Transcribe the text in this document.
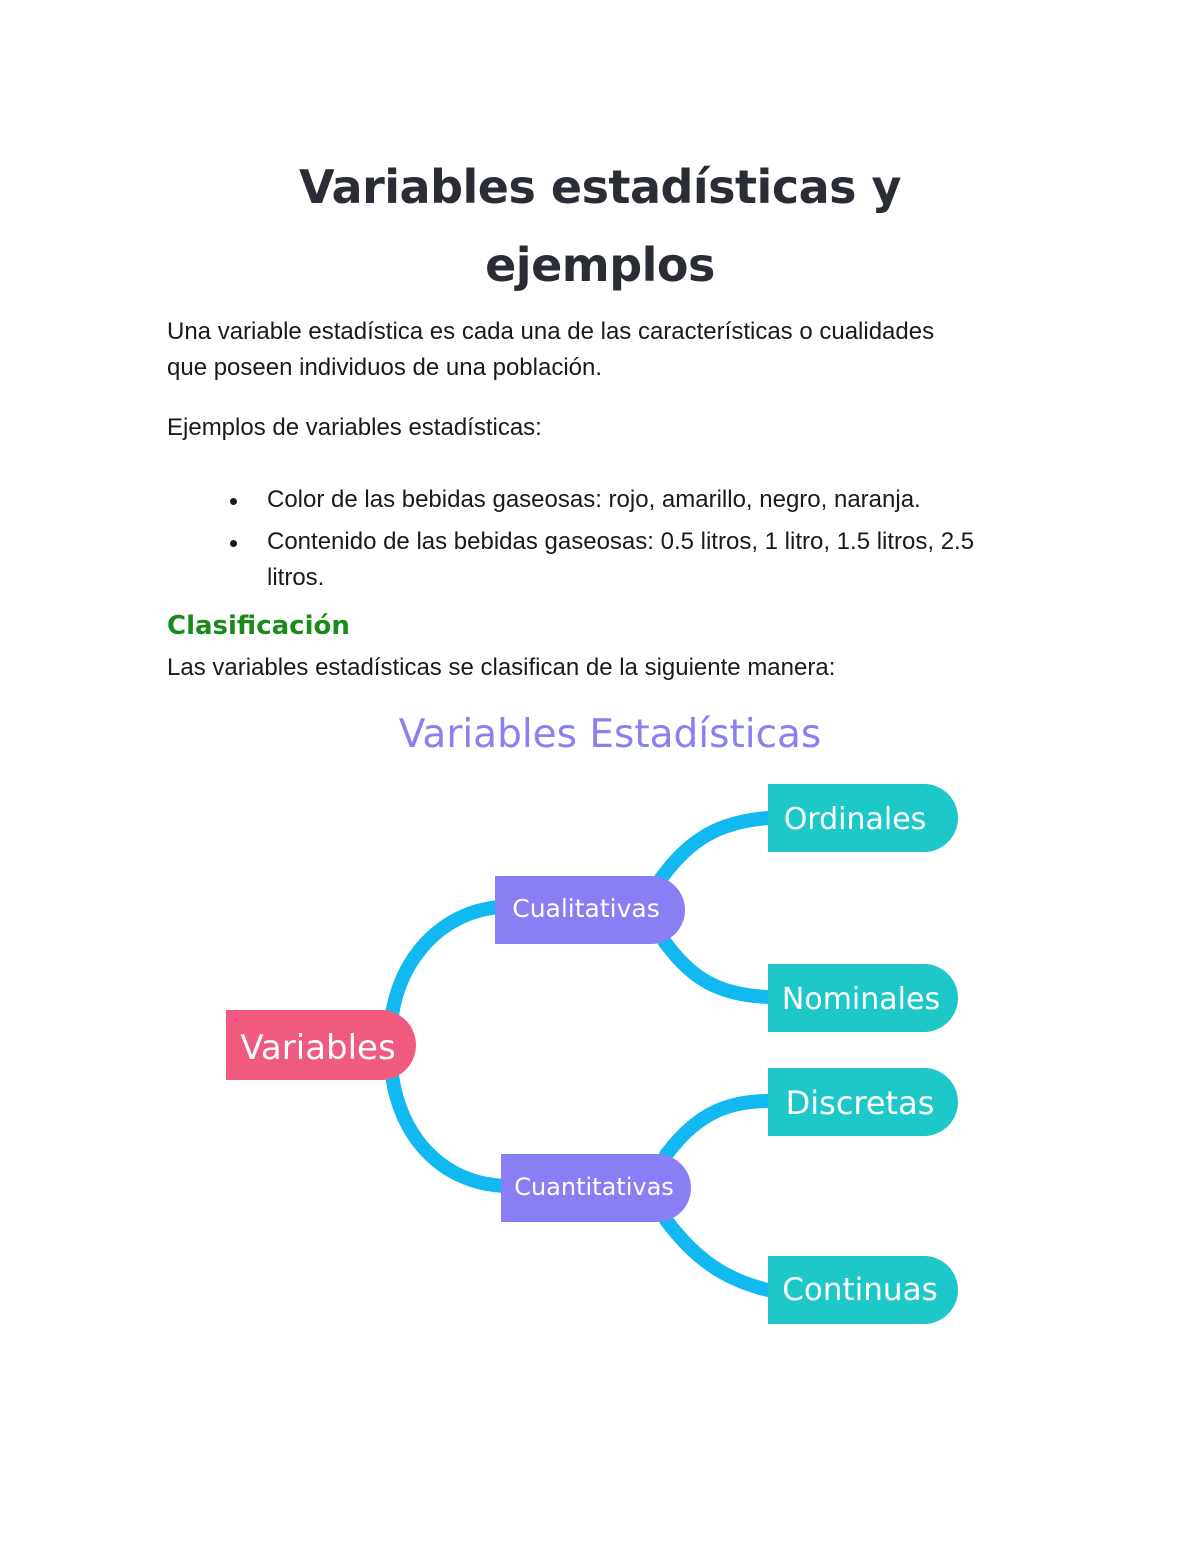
Variables estadísticas y
ejemplos

Una variable estadística es cada una de las características o cualidades
que poseen individuos de una población.

Ejemplos de variables estadísticas:

Color de las bebidas gaseosas: rojo, amarillo, negro, naranja.
Contenido de las bebidas gaseosas: 0.5 litros, 1 litro, 1.5 litros, 2.5
litros.
Clasificación

Las variables estadísticas se clasifican de la siguiente manera:

Variables Estadísticas
Variables
Cualitativas
Cuantitativas
Ordinales
Nominales
Discretas
Continuas
